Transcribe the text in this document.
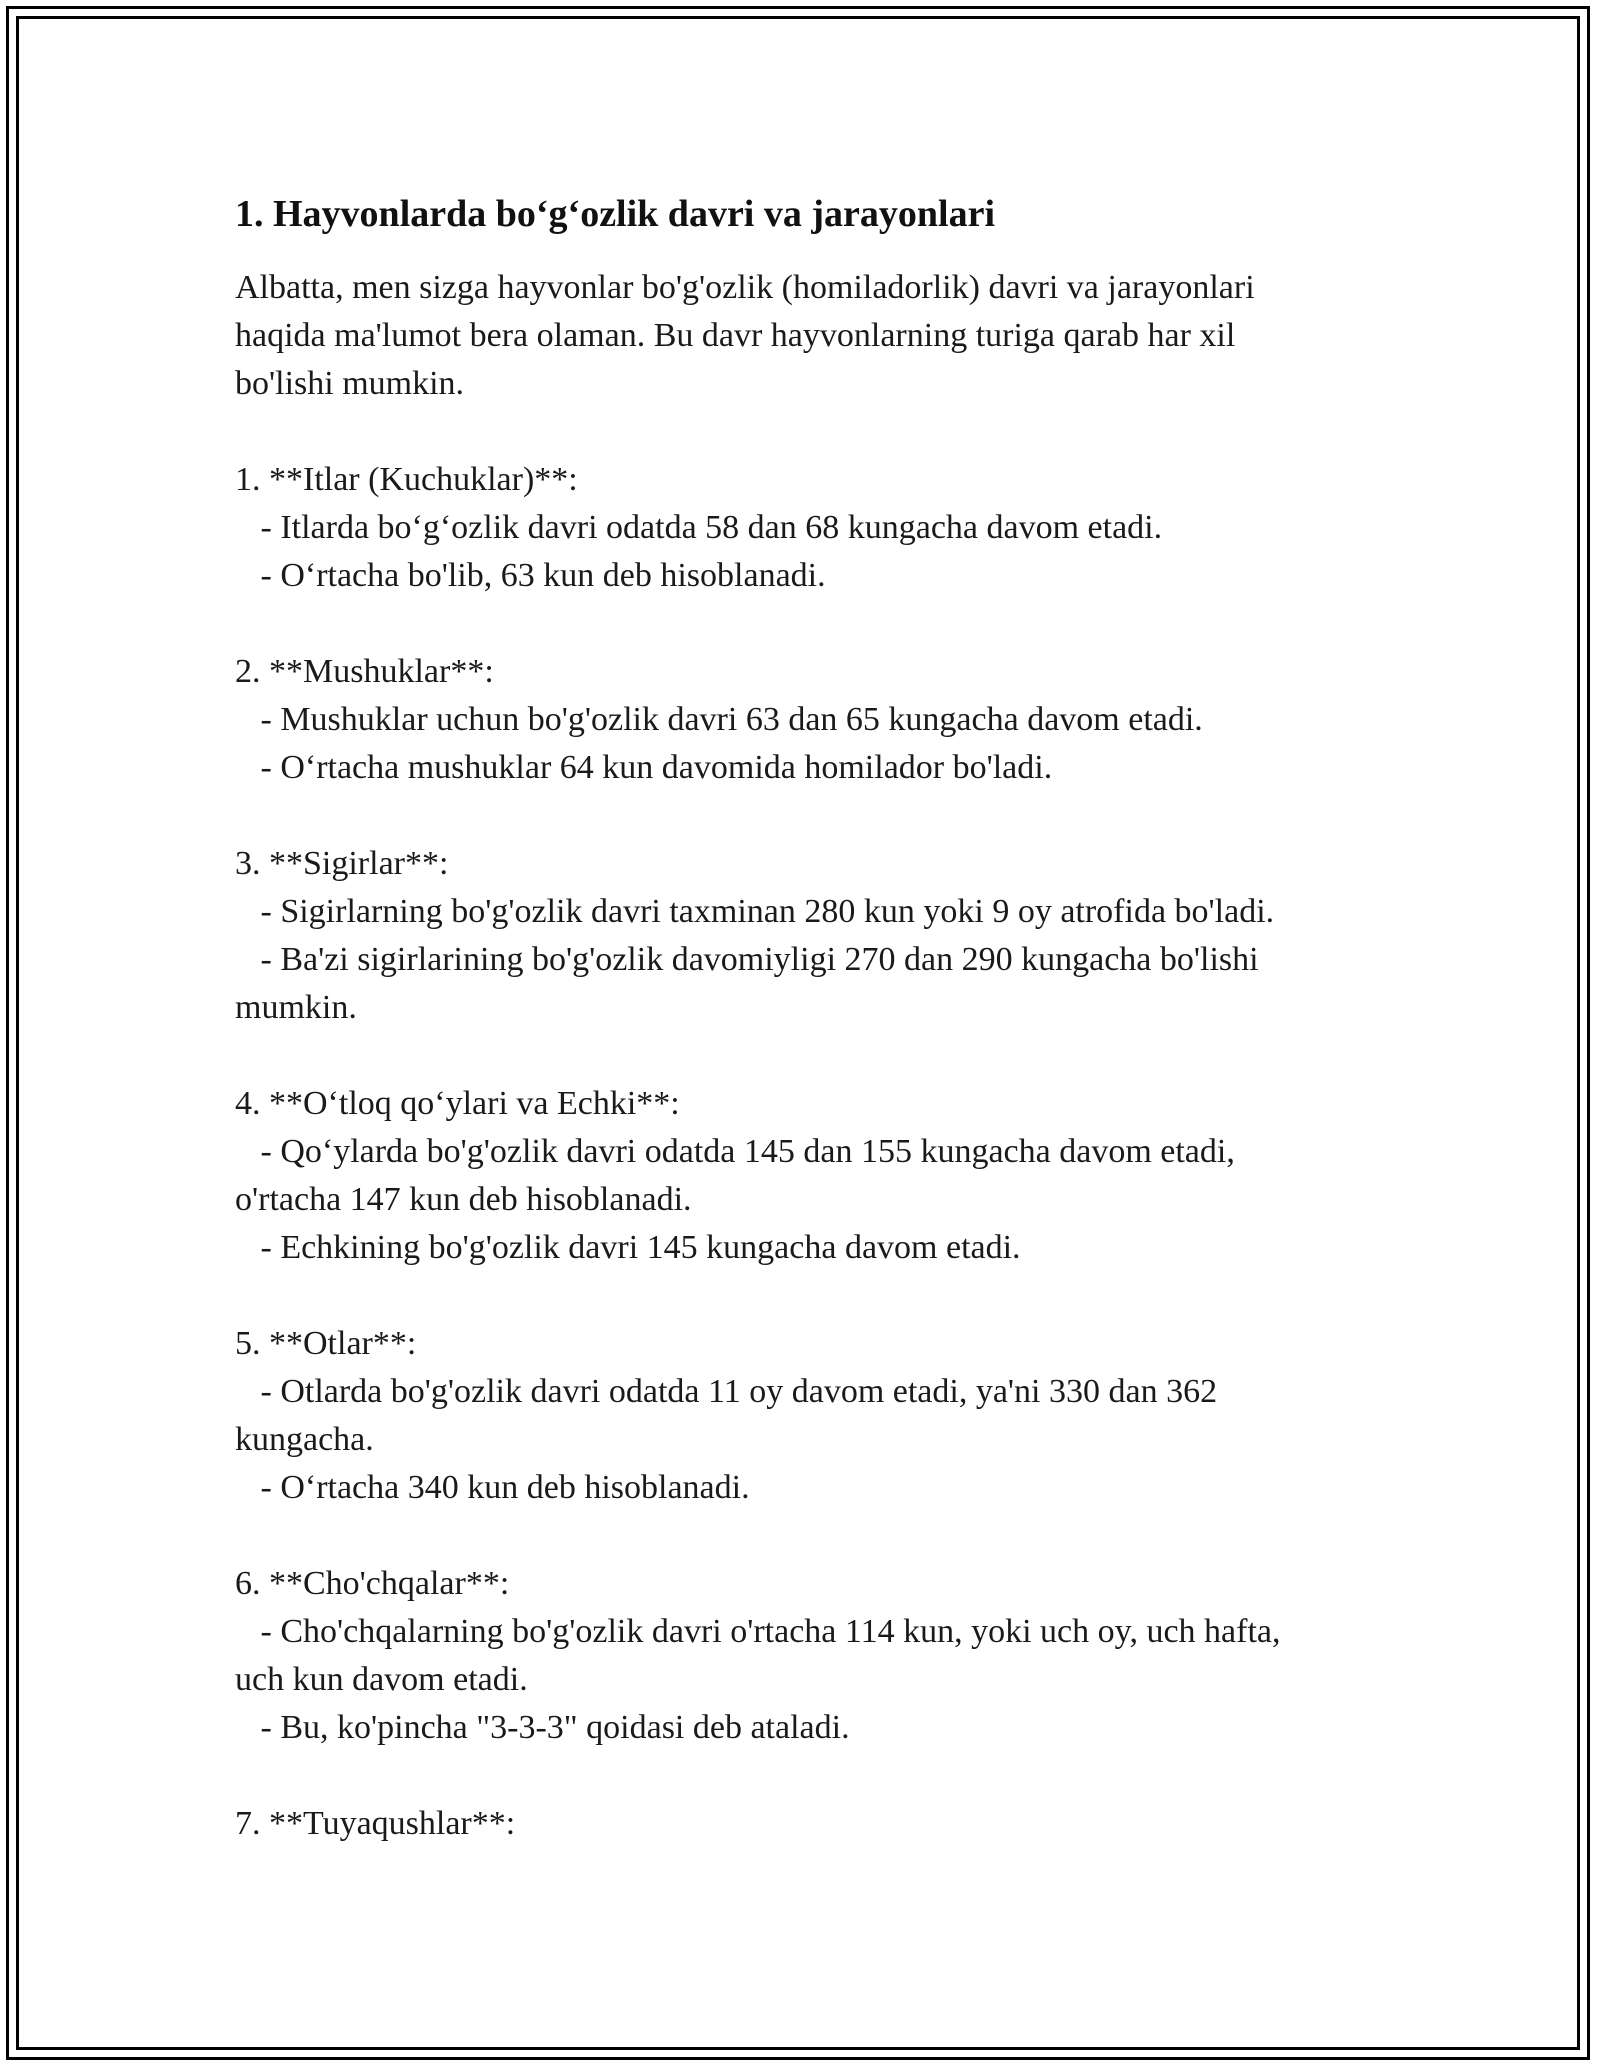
1. Hayvonlarda bo‘g‘ozlik davri va jarayonlari

Albatta, men sizga hayvonlar bo'g'ozlik (homiladorlik) davri va jarayonlari
haqida ma'lumot bera olaman. Bu davr hayvonlarning turiga qarab har xil
bo'lishi mumkin.

1. **Itlar (Kuchuklar)**:

- Itlarda bo‘g‘ozlik davri odatda 58 dan 68 kungacha davom etadi.

- O‘rtacha bo'lib, 63 kun deb hisoblanadi.

2. **Mushuklar**:

- Mushuklar uchun bo'g'ozlik davri 63 dan 65 kungacha davom etadi.

- O‘rtacha mushuklar 64 kun davomida homilador bo'ladi.

3. **Sigirlar**:

- Sigirlarning bo'g'ozlik davri taxminan 280 kun yoki 9 oy atrofida bo'ladi.

- Ba'zi sigirlarining bo'g'ozlik davomiyligi 270 dan 290 kungacha bo'lishi

mumkin.

4. **O‘tloq qo‘ylari va Echki**:

- Qo‘ylarda bo'g'ozlik davri odatda 145 dan 155 kungacha davom etadi,

o'rtacha 147 kun deb hisoblanadi.

- Echkining bo'g'ozlik davri 145 kungacha davom etadi.

5. **Otlar**:

- Otlarda bo'g'ozlik davri odatda 11 oy davom etadi, ya'ni 330 dan 362

kungacha.

- O‘rtacha 340 kun deb hisoblanadi.

6. **Cho'chqalar**:

- Cho'chqalarning bo'g'ozlik davri o'rtacha 114 kun, yoki uch oy, uch hafta,

uch kun davom etadi.

- Bu, ko'pincha "3-3-3" qoidasi deb ataladi.

7. **Tuyaqushlar**:
